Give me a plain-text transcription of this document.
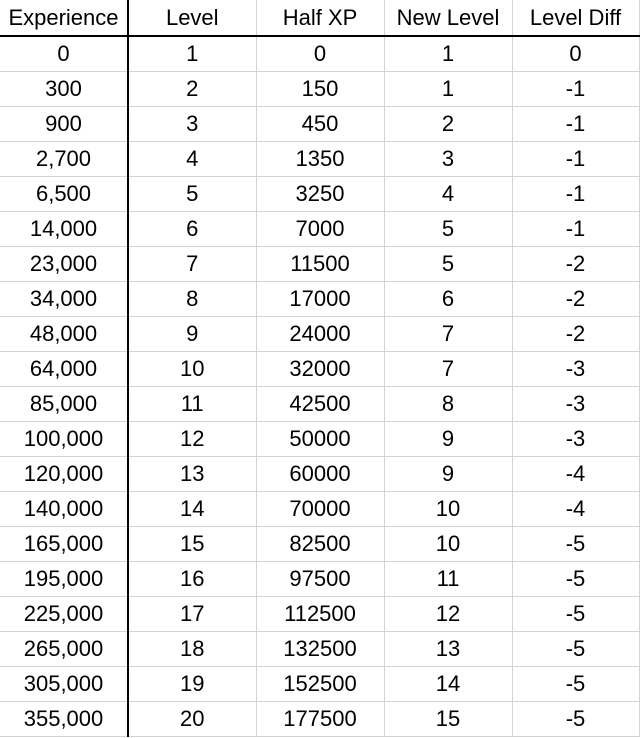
Experience	Level	Half XP	New Level	Level Diff
0	1	0	1	0
300	2	150	1	-1
900	3	450	2	-1
2,700	4	1350	3	-1
6,500	5	3250	4	-1
14,000	6	7000	5	-1
23,000	7	11500	5	-2
34,000	8	17000	6	-2
48,000	9	24000	7	-2
64,000	10	32000	7	-3
85,000	11	42500	8	-3
100,000	12	50000	9	-3
120,000	13	60000	9	-4
140,000	14	70000	10	-4
165,000	15	82500	10	-5
195,000	16	97500	11	-5
225,000	17	112500	12	-5
265,000	18	132500	13	-5
305,000	19	152500	14	-5
355,000	20	177500	15	-5
